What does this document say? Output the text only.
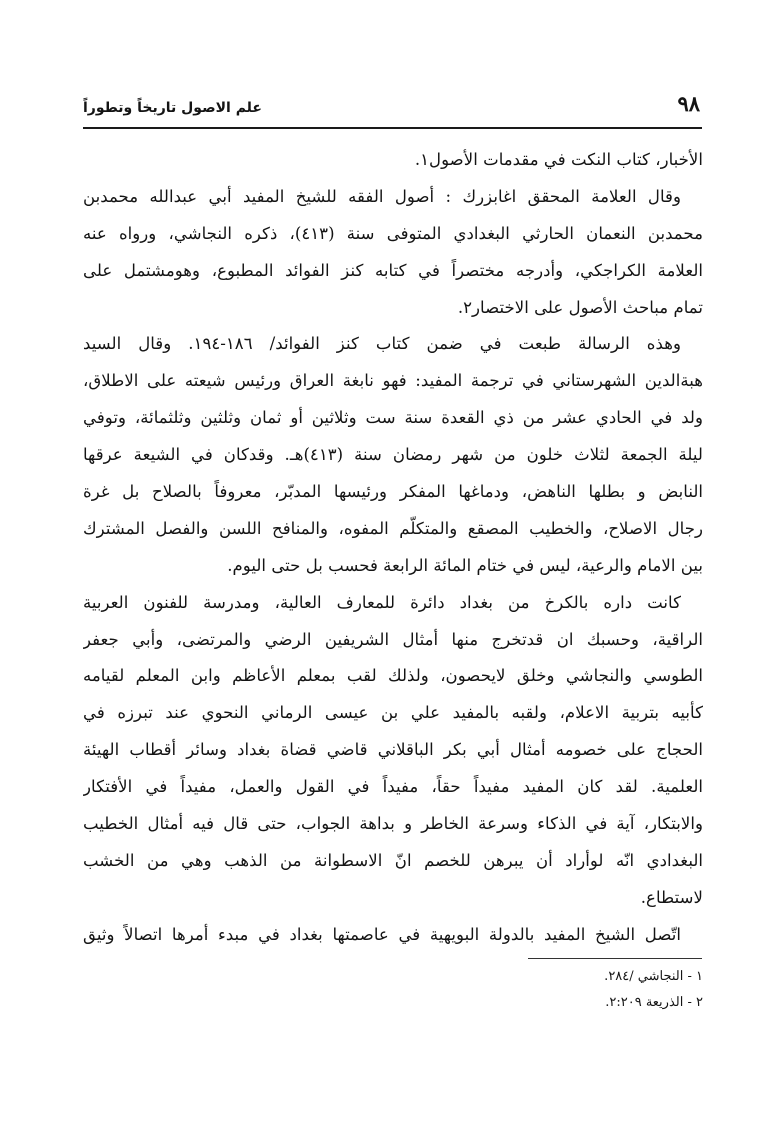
٩٨
علم الاصول تاريخاً وتطوراً
الأخبار، كتاب النكت في مقدمات الأصول١.
وقال العلامة المحقق اغابزرك : أصول الفقه للشيخ المفيد أبي عبدالله محمدبن
محمدبن النعمان الحارثي البغدادي المتوفى سنة (٤١٣)، ذكره النجاشي، ورواه عنه
العلامة الكراجكي، وأدرجه مختصراً في كتابه كنز الفوائد المطبوع، وهومشتمل على
تمام مباحث الأصول على الاختصار٢.
وهذه الرسالة طبعت في ضمن كتاب كنز الفوائد/ ١٨٦-١٩٤. وقال السيد
هبةالدين الشهرستاني في ترجمة المفيد: فهو نابغة العراق ورئيس شيعته على الاطلاق،
ولد في الحادي عشر من ذي القعدة سنة ست وثلاثين أو ثمان وثلثين وثلثمائة، وتوفي
ليلة الجمعة لثلاث خلون من شهر رمضان سنة (٤١٣)هـ. وقدكان في الشيعة عرقها
النابض و بطلها الناهض، ودماغها المفكر ورئيسها المدبّر، معروفاً بالصلاح بل غرة
رجال الاصلاح، والخطيب المصقع والمتكلّم المفوه، والمنافح اللسن والفصل المشترك
بين الامام والرعية، ليس في ختام المائة الرابعة فحسب بل حتى اليوم.
كانت داره بالكرخ من بغداد دائرة للمعارف العالية، ومدرسة للفنون العربية
الراقية، وحسبك ان قدتخرج منها أمثال الشريفين الرضي والمرتضى، وأبي جعفر
الطوسي والنجاشي وخلق لايحصون، ولذلك لقب بمعلم الأعاظم وابن المعلم لقيامه
كأبيه بتربية الاعلام، ولقبه بالمفيد علي بن عيسى الرماني النحوي عند تبرزه في
الحجاج على خصومه أمثال أبي بكر الباقلاني قاضي قضاة بغداد وسائر أقطاب الهيئة
العلمية. لقد كان المفيد مفيداً حقاً، مفيداً في القول والعمل، مفيداً في الأفتكار
والابتكار، آية في الذكاء وسرعة الخاطر و بداهة الجواب، حتى قال فيه أمثال الخطيب
البغدادي انّه لوأراد أن يبرهن للخصم انّ الاسطوانة من الذهب وهي من الخشب
لاستطاع.
اتّصل الشيخ المفيد بالدولة البويهية في عاصمتها بغداد في مبدء أمرها اتصالاً وثيق
١ - النجاشي /٢٨٤.
٢ - الذريعة ٢:٢٠٩.
